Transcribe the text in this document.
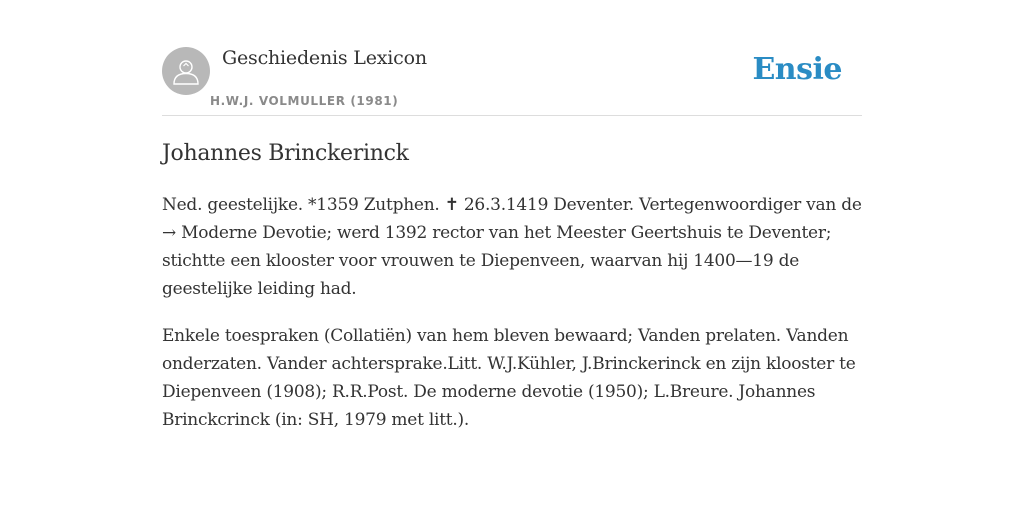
Geschiedenis Lexicon
H.W.J. VOLMULLER (1981)
Ensie
Johannes Brinckerinck

Ned. geestelijke. *1359 Zutphen. ✝ 26.3.1419 Deventer. Vertegenwoordiger van de → Moderne Devotie; werd 1392 rector van het Meester Geertshuis te Deventer; stichtte een klooster voor vrouwen te Diepenveen, waarvan hij 1400—19 de geestelijke leiding had.

Enkele toespraken (Collatiën) van hem bleven bewaard; Vanden prelaten. Vanden onderzaten. Vander achtersprake.Litt. W.J.Kühler, J.Brinckerinck en zijn klooster te Diepenveen (1908); R.R.Post. De moderne devotie (1950); L.Breure. Johannes Brinckcrinck (in: SH, 1979 met litt.).
